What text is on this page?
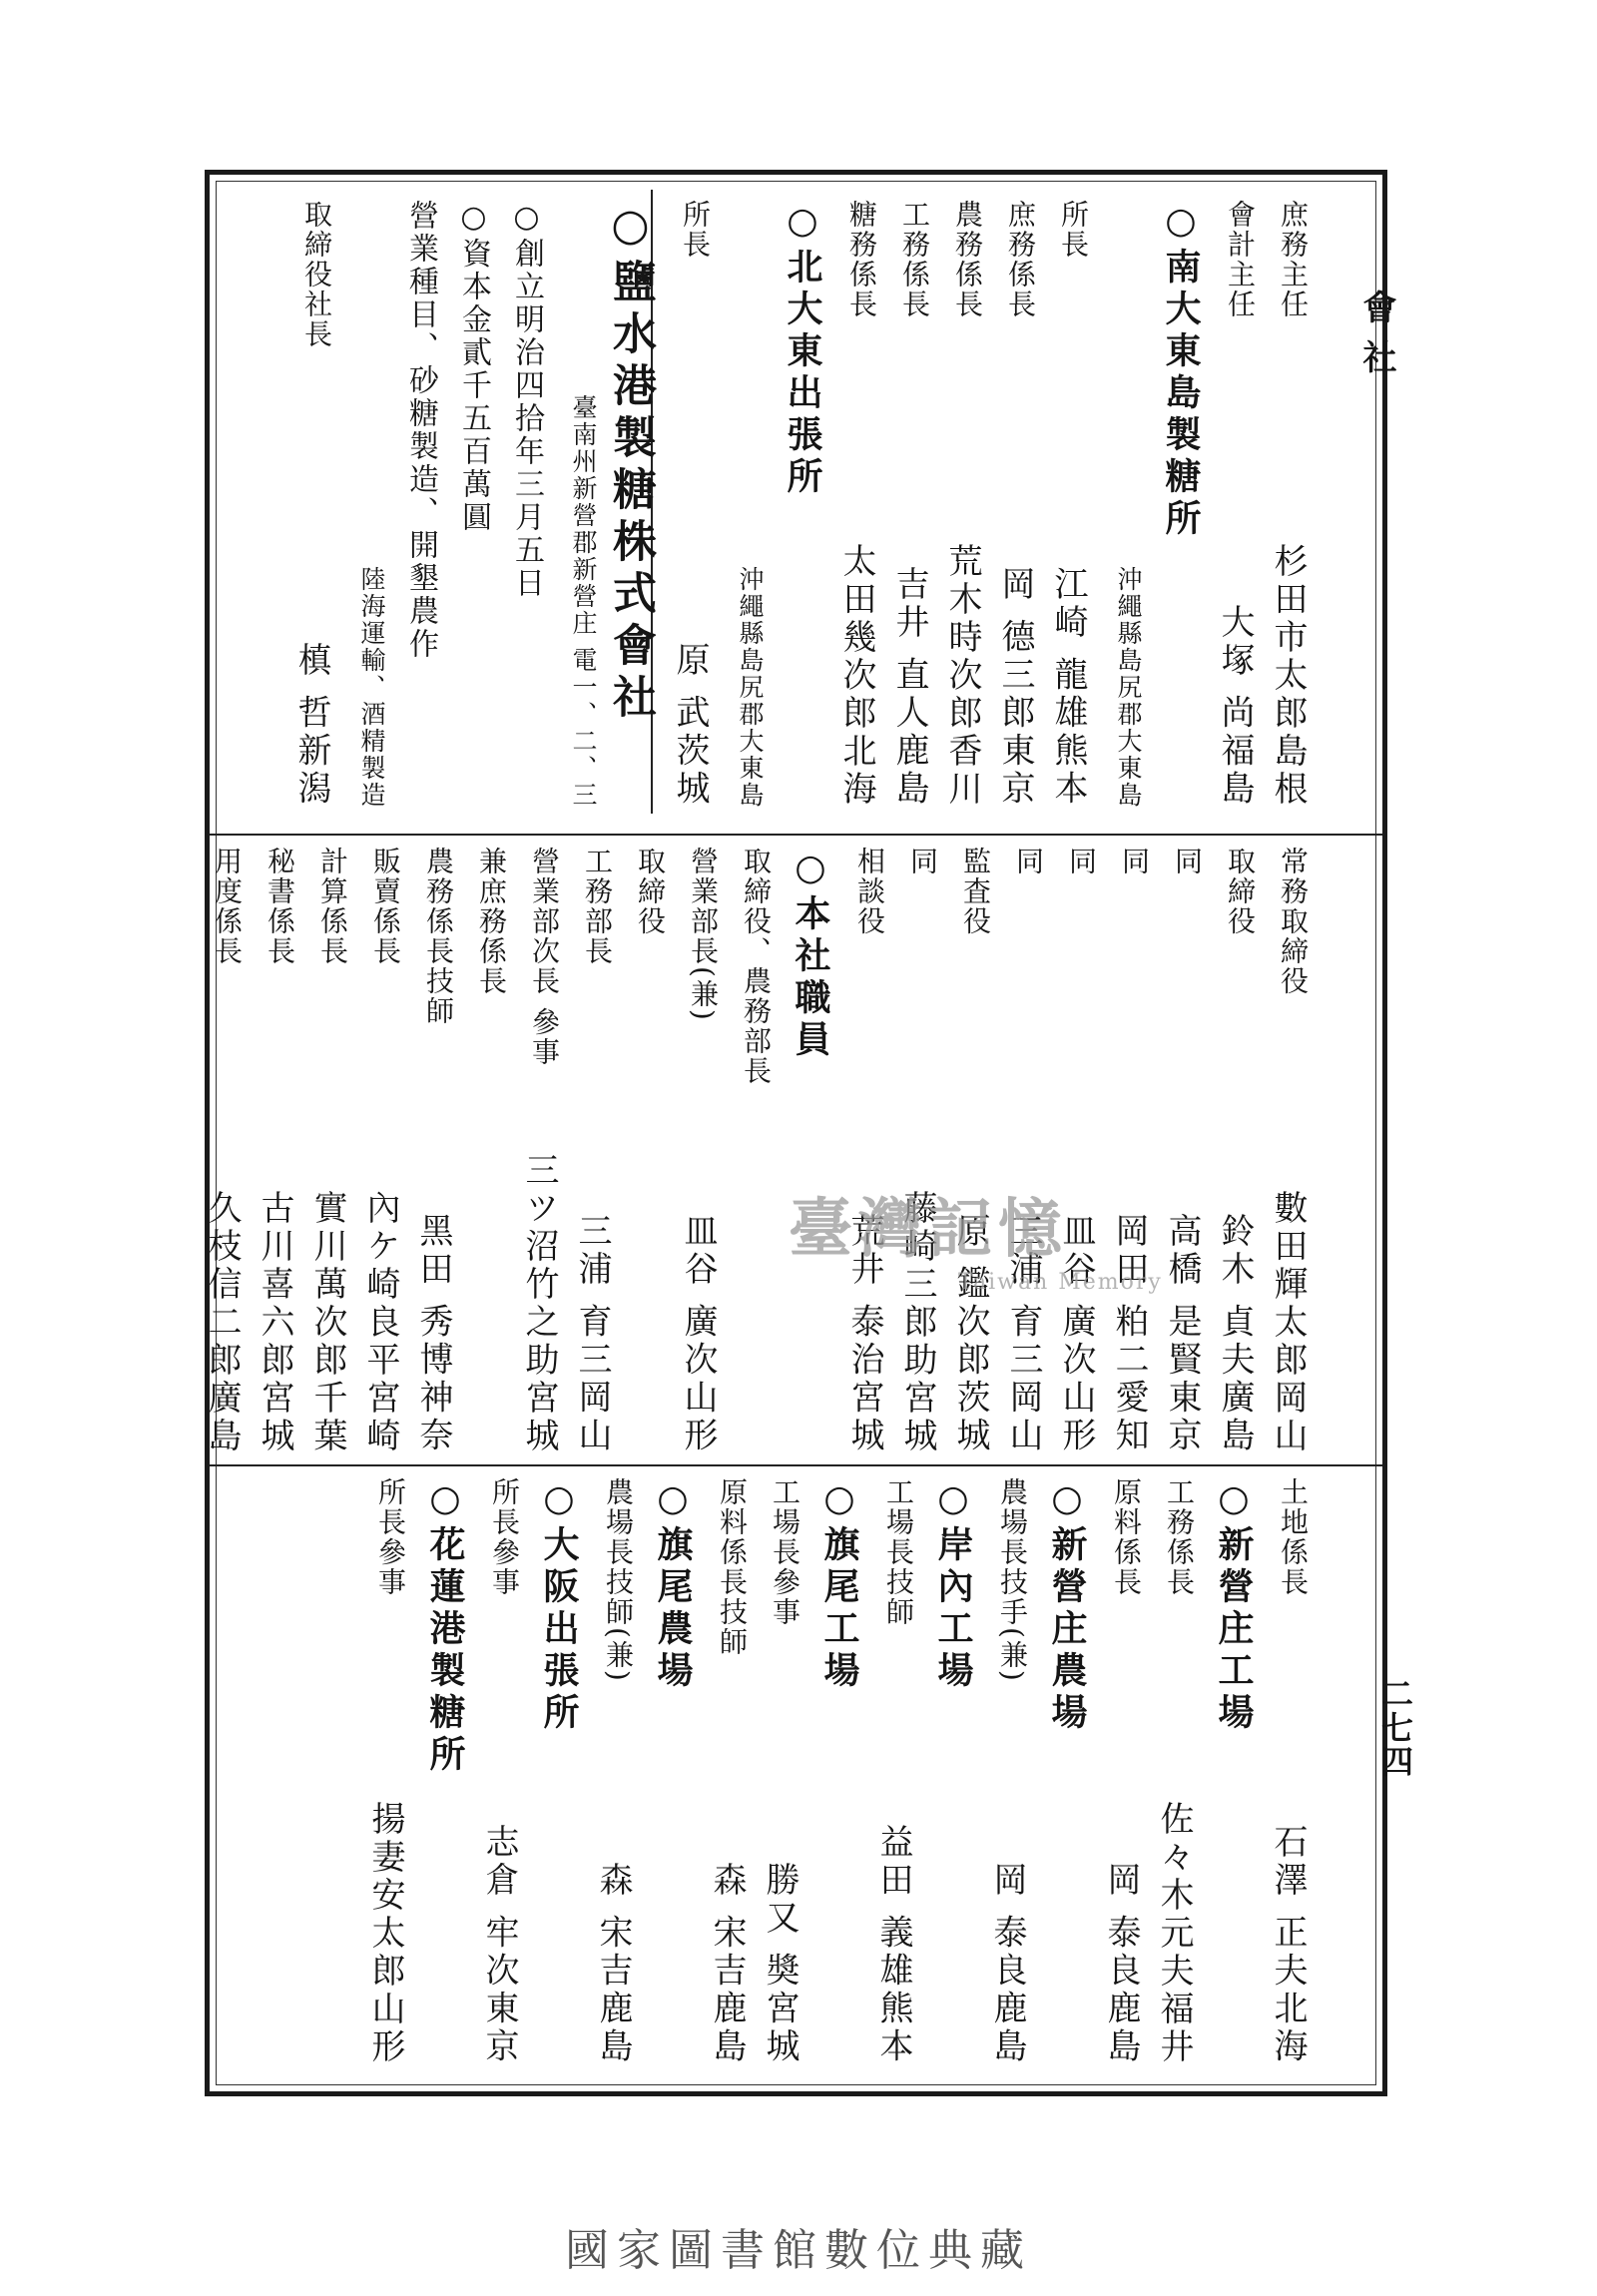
會社
二七四
庶務主任
杉田市太郎島根
會計主任
大塚 尚福島
○南大東島製糖所
沖繩縣島尻郡大東島
所長
江崎 龍雄熊本
庶務係長
岡 德三郎東京
農務係長
荒木時次郎香川
工務係長
吉井 直人鹿島
糖務係長
太田幾次郎北海
○北大東出張所
沖繩縣島尻郡大東島
所長
原 武茨城
○鹽水港製糖株式會社
臺南州新營郡新營庄 電一、二、三
○創立明治四拾年三月五日
○資本金貳千五百萬圓
營業種目、砂糖製造、開墾農作
陸海運輸、酒精製造
取締役社長
槙 哲新潟
常務取締役
數田輝太郎岡山
取締役
鈴木 貞夫廣島
同
高橋 是賢東京
同
岡田 粕二愛知
同
皿谷 廣次山形
同
三浦 育三岡山
監査役
原 鑑次郎茨城
同
藤崎三郎助宮城
相談役
荒井 泰治宮城
○本社職員
取締役、農務部長
營業部長(兼)
皿谷 廣次山形
取締役
工務部長
三浦 育三岡山
營業部次長 參事
三ツ沼竹之助宮城
兼庶務係長
農務係長技師
黑田 秀博神奈
販賣係長
內ケ崎良平宮崎
計算係長
實川萬次郎千葉
秘書係長
古川喜六郎宮城
用度係長
久枝信二郎廣島
土地係長
石澤 正夫北海
○新營庄工場
工務係長
佐々木元夫福井
原料係長
岡 泰良鹿島
○新營庄農場
農場長技手(兼)
岡 泰良鹿島
○岸內工場
工場長技師
益田 義雄熊本
○旗尾工場
工場長參事
勝又 奬宮城
原料係長技師
森 宋吉鹿島
○旗尾農場
農場長技師(兼)
森 宋吉鹿島
○大阪出張所
所長參事
志倉 牢次東京
○花蓮港製糖所
所長參事
揚妻安太郎山形
臺灣記憶
Taiwan Memory
國家圖書館數位典藏
